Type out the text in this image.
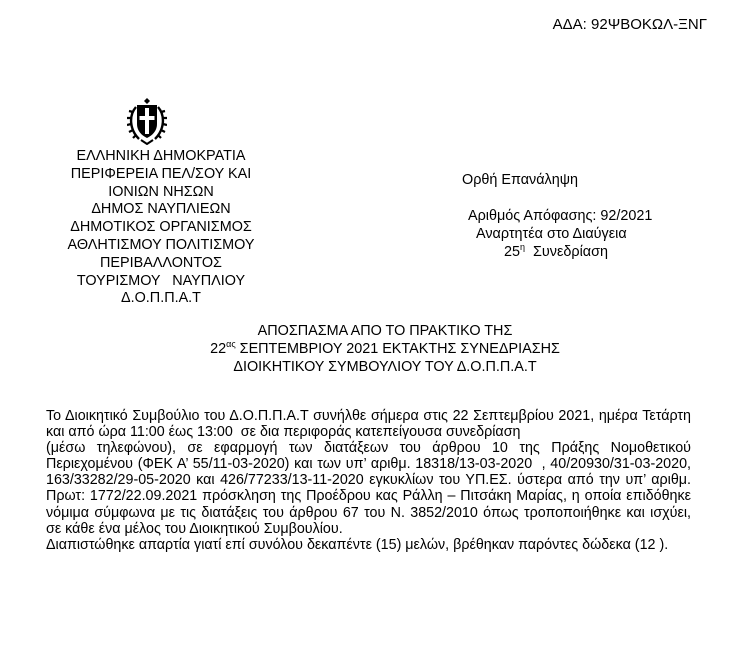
ΑΔΑ: 92ΨΒΟΚΩΛ-ΞΝΓ
ΕΛΛΗΝΙΚΗ ΔΗΜΟΚΡΑΤΙΑ
ΠΕΡΙΦΕΡΕΙΑ ΠΕΛ/ΣΟΥ ΚΑΙ
ΙΟΝΙΩΝ ΝΗΣΩΝ
ΔΗΜΟΣ ΝΑΥΠΛΙΕΩΝ
ΔΗΜΟΤΙΚΟΣ ΟΡΓΑΝΙΣΜΟΣ
ΑΘΛΗΤΙΣΜΟΥ ΠΟΛΙΤΙΣΜΟΥ
ΠΕΡΙΒΑΛΛΟΝΤΟΣ
ΤΟΥΡΙΣΜΟΥ   ΝΑΥΠΛΙΟΥ
Δ.Ο.Π.Π.Α.Τ
Ορθή Επανάληψη
Αριθμός Απόφασης: 92/2021
Αναρτητέα στο Διαύγεια
$25^\eta$ Συνεδρίαση
ΑΠΟΣΠΑΣΜΑ ΑΠΟ ΤΟ ΠΡΑΚΤΙΚΟ ΤΗΣ
$22^{\alpha\varsigma}$ ΣΕΠΤΕΜΒΡΙΟΥ 2021 ΕΚΤΑΚΤΗΣ ΣΥΝΕΔΡΙΑΣΗΣ
ΔΙΟΙΚΗΤΙΚΟΥ ΣΥΜΒΟΥΛΙΟΥ ΤΟΥ Δ.Ο.Π.Π.Α.Τ

Το Διοικητικό Συμβούλιο του Δ.Ο.Π.Π.Α.Τ συνήλθε σήμερα στις 22 Σεπτεμβρίου 2021, ημέρα Τετάρτη  και από ώρα 11:00 έως 13:00  σε δια περιφοράς κατεπείγουσα συνεδρίαση

(μέσω τηλεφώνου), σε εφαρμογή των διατάξεων του άρθρου 10 της Πράξης Νομοθετικού Περιεχομένου (ΦΕΚ Α’ 55/11-03-2020) και των υπ’ αριθμ. 18318/13-03-2020  , 40/20930/31-03-2020, 163/33282/29-05-2020 και 426/77233/13-11-2020 εγκυκλίων του ΥΠ.ΕΣ. ύστερα από την υπ’ αριθμ. Πρωτ: 1772/22.09.2021 πρόσκληση της Προέδρου κας Ράλλη – Πιτσάκη Μαρίας, η οποία επιδόθηκε νόμιμα σύμφωνα με τις διατάξεις του άρθρου 67 του Ν. 3852/2010 όπως τροποποιήθηκε και ισχύει, σε κάθε ένα μέλος του Διοικητικού Συμβουλίου.

Διαπιστώθηκε απαρτία γιατί επί συνόλου δεκαπέντε (15) μελών, βρέθηκαν παρόντες δώδεκα (12 ).
